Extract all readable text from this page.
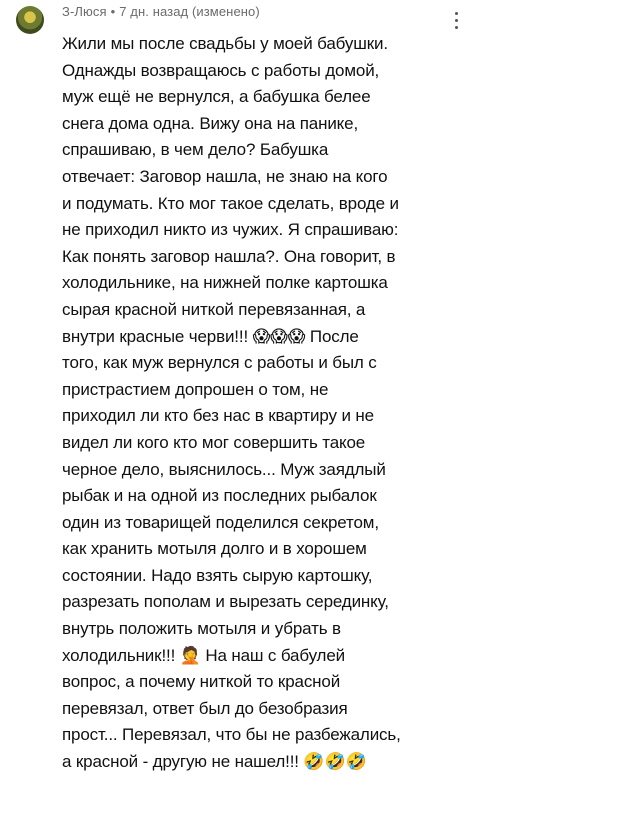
З-Люся • 7 дн. назад (изменено)
Жили мы после свадьбы у моей бабушки.
Однажды возвращаюсь с работы домой,
муж ещё не вернулся, а бабушка белее
снега дома одна. Вижу она на панике,
спрашиваю, в чем дело? Бабушка
отвечает: Заговор нашла, не знаю на кого
и подумать. Кто мог такое сделать, вроде и
не приходил никто из чужих. Я спрашиваю:
Как понять заговор нашла?. Она говорит, в
холодильнике, на нижней полке картошка
сырая красной ниткой перевязанная, а
внутри красные черви!!! 😱😱😱 После
того, как муж вернулся с работы и был с
пристрастием допрошен о том, не
приходил ли кто без нас в квартиру и не
видел ли кого кто мог совершить такое
черное дело, выяснилось... Муж заядлый
рыбак и на одной из последних рыбалок
один из товарищей поделился секретом,
как хранить мотыля долго и в хорошем
состоянии. Надо взять сырую картошку,
разрезать пополам и вырезать серединку,
внутрь положить мотыля и убрать в
холодильник!!! 🤦 На наш с бабулей
вопрос, а почему ниткой то красной
перевязал, ответ был до безобразия
прост... Перевязал, что бы не разбежались,
а красной - другую не нашел!!! 🤣🤣🤣
